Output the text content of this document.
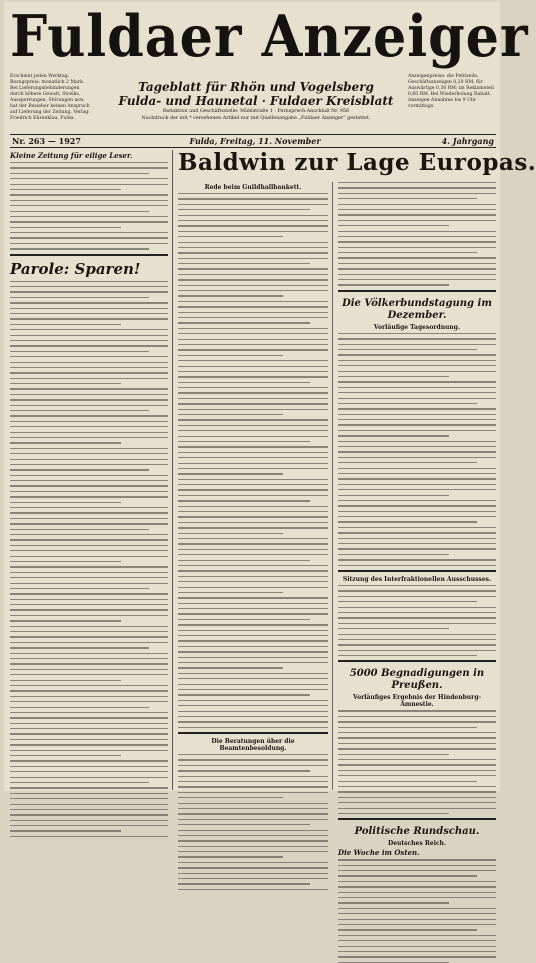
Fuldaer Anzeiger
Erscheint jeden Werktag. Bezugspreis: monatlich 2 Mark. Bei Lieferungsbehinderungen durch höhere Gewalt, Streiks, Aussperrungen, Störungen usw. hat der Bezieher keinen Anspruch auf Lieferung der Zeitung. Verlag: Friedrich Ehrenklau, Fulda.
Tageblatt für Rhön und Vogelsberg
Fulda- und Haunetal · Fuldaer Kreisblatt
Redaktion und Geschäftsstelle: Mühlstraße 1 · Fernsprech-Anschluß Nr. 956
Nachdruck der mit * versehenen Artikel nur mit Quellenangabe „Fuldaer Anzeiger“ gestattet.
Anzeigenpreise: die Petitzeile, Geschäftsanzeigen 0,20 RM, für Auswärtige 0,30 RM; im Reklameteil 0,60 RM. Bei Wiederholung Rabatt. Anzeigen-Annahme bis 9 Uhr vormittags.
Nr. 263 — 1927	Fulda, Freitag, 11. November	4. Jahrgang
Kleine Zeitung für eilige Leser.
Parole: Sparen!
Baldwin zur Lage Europas.
Rede beim Guildhallbankett.
Die Beratungen über die Beamtenbesoldung.
Die Völkerbundstagung im Dezember.
Vorläufige Tagesordnung.
Sitzung des Interfraktionellen Ausschusses.
5000 Begnadigungen in Preußen.
Vorläufiges Ergebnis der Hindenburg-Amnestie.
Politische Rundschau.
Deutsches Reich.
Die Woche im Osten.
